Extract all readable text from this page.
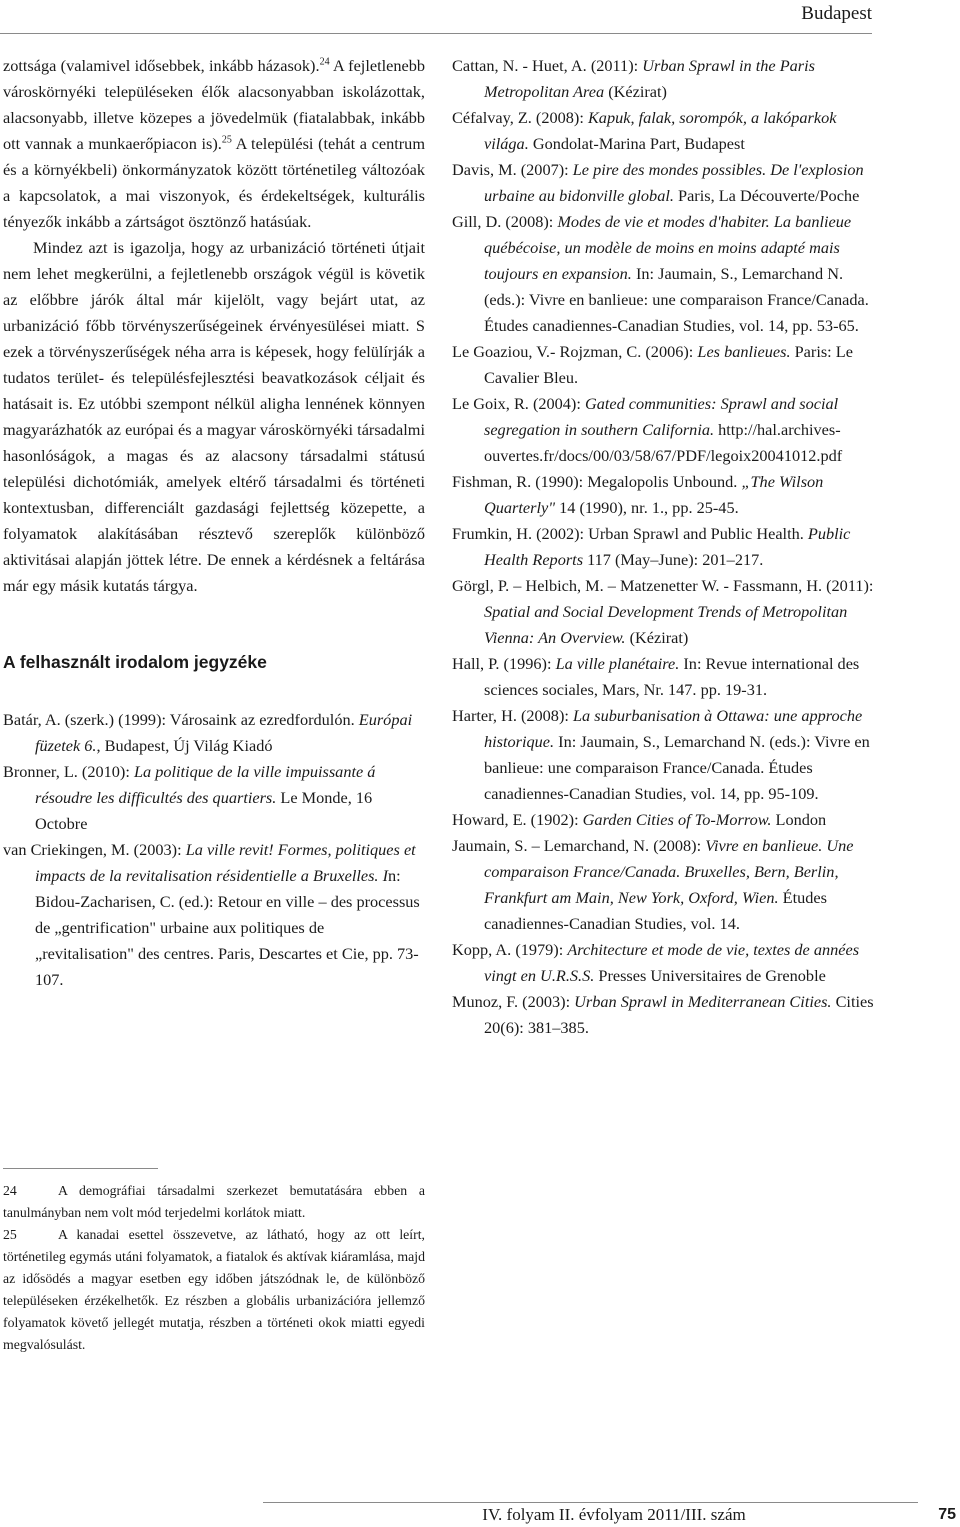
Budapest

zottsága (valamivel idősebbek, inkább házasok).$^{24}$ A fejletlenebb városkörnyéki településeken élők alacsonyabban iskolázottak, alacsonyabb, illetve közepes a jövedelmük (fiatalabbak, inkább ott vannak a munkaerőpiacon is).$^{25}$ A települési (tehát a centrum és a környékbeli) önkormányzatok között történetileg változóak a kapcsolatok, a mai viszonyok, és érdekeltségek, kulturális tényezők inkább a zártságot ösztönző hatásúak.

Mindez azt is igazolja, hogy az urbanizáció történeti útjait nem lehet megkerülni, a fejletlenebb országok végül is követik az előbbre járók által már kijelölt, vagy bejárt utat, az urbanizáció főbb törvényszerűségeinek érvényesülései miatt. S ezek a törvényszerűségek néha arra is képesek, hogy felülírják a tudatos terület- és településfejlesztési beavatkozások céljait és hatásait is. Ez utóbbi szempont nélkül aligha lennének könnyen magyarázhatók az európai és a magyar városkörnyéki társadalmi hasonlóságok, a magas és az alacsony társadalmi státusú települési dichotómiák, amelyek eltérő társadalmi és történeti kontextusban, differenciált gazdasági fejlettség közepette, a folyamatok alakításában résztevő szereplők különböző aktivitásai alapján jöttek létre. De ennek a kérdésnek a feltárása már egy másik kutatás tárgya.

A felhasznált irodalom jegyzéke
Batár, A. (szerk.) (1999): Városaink az ezredfordulón. Európai füzetek 6., Budapest, Új Világ Kiadó
Bronner, L. (2010): La politique de la ville impuissante á résoudre les difficultés des quartiers. Le Monde, 16 Octobre
van Criekingen, M. (2003): La ville revit! Formes, politiques et impacts de la revitalisation résidentielle a Bruxelles. In: Bidou-Zacharisen, C. (ed.): Retour en ville – des processus de „gentrification" urbaine aux politiques de „revitalisation" des centres. Paris, Descartes et Cie, pp. 73-107.

24	A demográfiai társadalmi szerkezet bemutatására ebben a tanulmányban nem volt mód terjedelmi korlátok miatt.

25	A kanadai esettel összevetve, az látható, hogy az ott leírt, történetileg egymás utáni folyamatok, a fiatalok és aktívak kiáramlása, majd az idősödés a magyar esetben egy időben játszódnak le, de különböző településeken érzékelhetők. Ez részben a globális urbanizációra jellemző folyamatok követő jellegét mutatja, részben a történeti okok miatti egyedi megvalósulást.

Cattan, N. - Huet, A. (2011): Urban Sprawl in the Paris Metropolitan Area (Kézirat)
Céfalvay, Z. (2008): Kapuk, falak, sorompók, a lakóparkok világa. Gondolat-Marina Part, Budapest
Davis, M. (2007): Le pire des mondes possibles. De l'explosion urbaine au bidonville global. Paris, La Découverte/Poche
Gill, D. (2008): Modes de vie et modes d'habiter. La banlieue québécoise, un modèle de moins en moins adapté mais toujours en expansion. In: Jaumain, S., Lemarchand N. (eds.): Vivre en banlieue: une comparaison France/Canada. Études canadiennes-Canadian Studies, vol. 14, pp. 53-65.
Le Goaziou, V.- Rojzman, C. (2006): Les banlieues. Paris: Le Cavalier Bleu.
Le Goix, R. (2004): Gated communities: Sprawl and social segregation in southern California. http://hal.archives-ouvertes.fr/docs/00/03/58/67/PDF/legoix20041012.pdf
Fishman, R. (1990): Megalopolis Unbound. „The Wilson Quarterly" 14 (1990), nr. 1., pp. 25-45.
Frumkin, H. (2002): Urban Sprawl and Public Health. Public Health Reports 117 (May–June): 201–217.
Görgl, P. – Helbich, M. – Matzenetter W. - Fassmann, H. (2011): Spatial and Social Development Trends of Metropolitan Vienna: An Overview. (Kézirat)
Hall, P. (1996): La ville planétaire. In: Revue international des sciences sociales, Mars, Nr. 147. pp. 19-31.
Harter, H. (2008): La suburbanisation à Ottawa: une approche historique. In: Jaumain, S., Lemarchand N. (eds.): Vivre en banlieue: une comparaison France/Canada. Études canadiennes-Canadian Studies, vol. 14, pp. 95-109.
Howard, E. (1902): Garden Cities of To-Morrow. London
Jaumain, S. – Lemarchand, N. (2008): Vivre en banlieue. Une comparaison France/Canada. Bruxelles, Bern, Berlin, Frankfurt am Main, New York, Oxford, Wien. Études canadiennes-Canadian Studies, vol. 14.
Kopp, A. (1979): Architecture et mode de vie, textes de années vingt en U.R.S.S. Presses Universitaires de Grenoble
Munoz, F. (2003): Urban Sprawl in Mediterranean Cities. Cities 20(6): 381–385.
IV. folyam II. évfolyam 2011/III. szám	75
